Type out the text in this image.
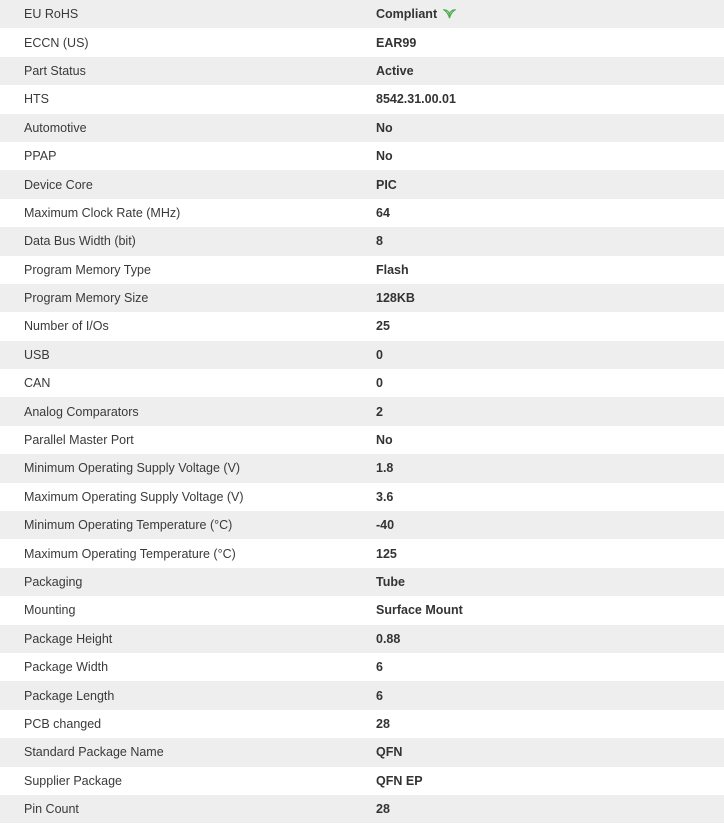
EU RoHS	Compliant
ECCN (US)	EAR99
Part Status	Active
HTS	8542.31.00.01
Automotive	No
PPAP	No
Device Core	PIC
Maximum Clock Rate (MHz)	64
Data Bus Width (bit)	8
Program Memory Type	Flash
Program Memory Size	128KB
Number of I/Os	25
USB	0
CAN	0
Analog Comparators	2
Parallel Master Port	No
Minimum Operating Supply Voltage (V)	1.8
Maximum Operating Supply Voltage (V)	3.6
Minimum Operating Temperature (°C)	-40
Maximum Operating Temperature (°C)	125
Packaging	Tube
Mounting	Surface Mount
Package Height	0.88
Package Width	6
Package Length	6
PCB changed	28
Standard Package Name	QFN
Supplier Package	QFN EP
Pin Count	28
